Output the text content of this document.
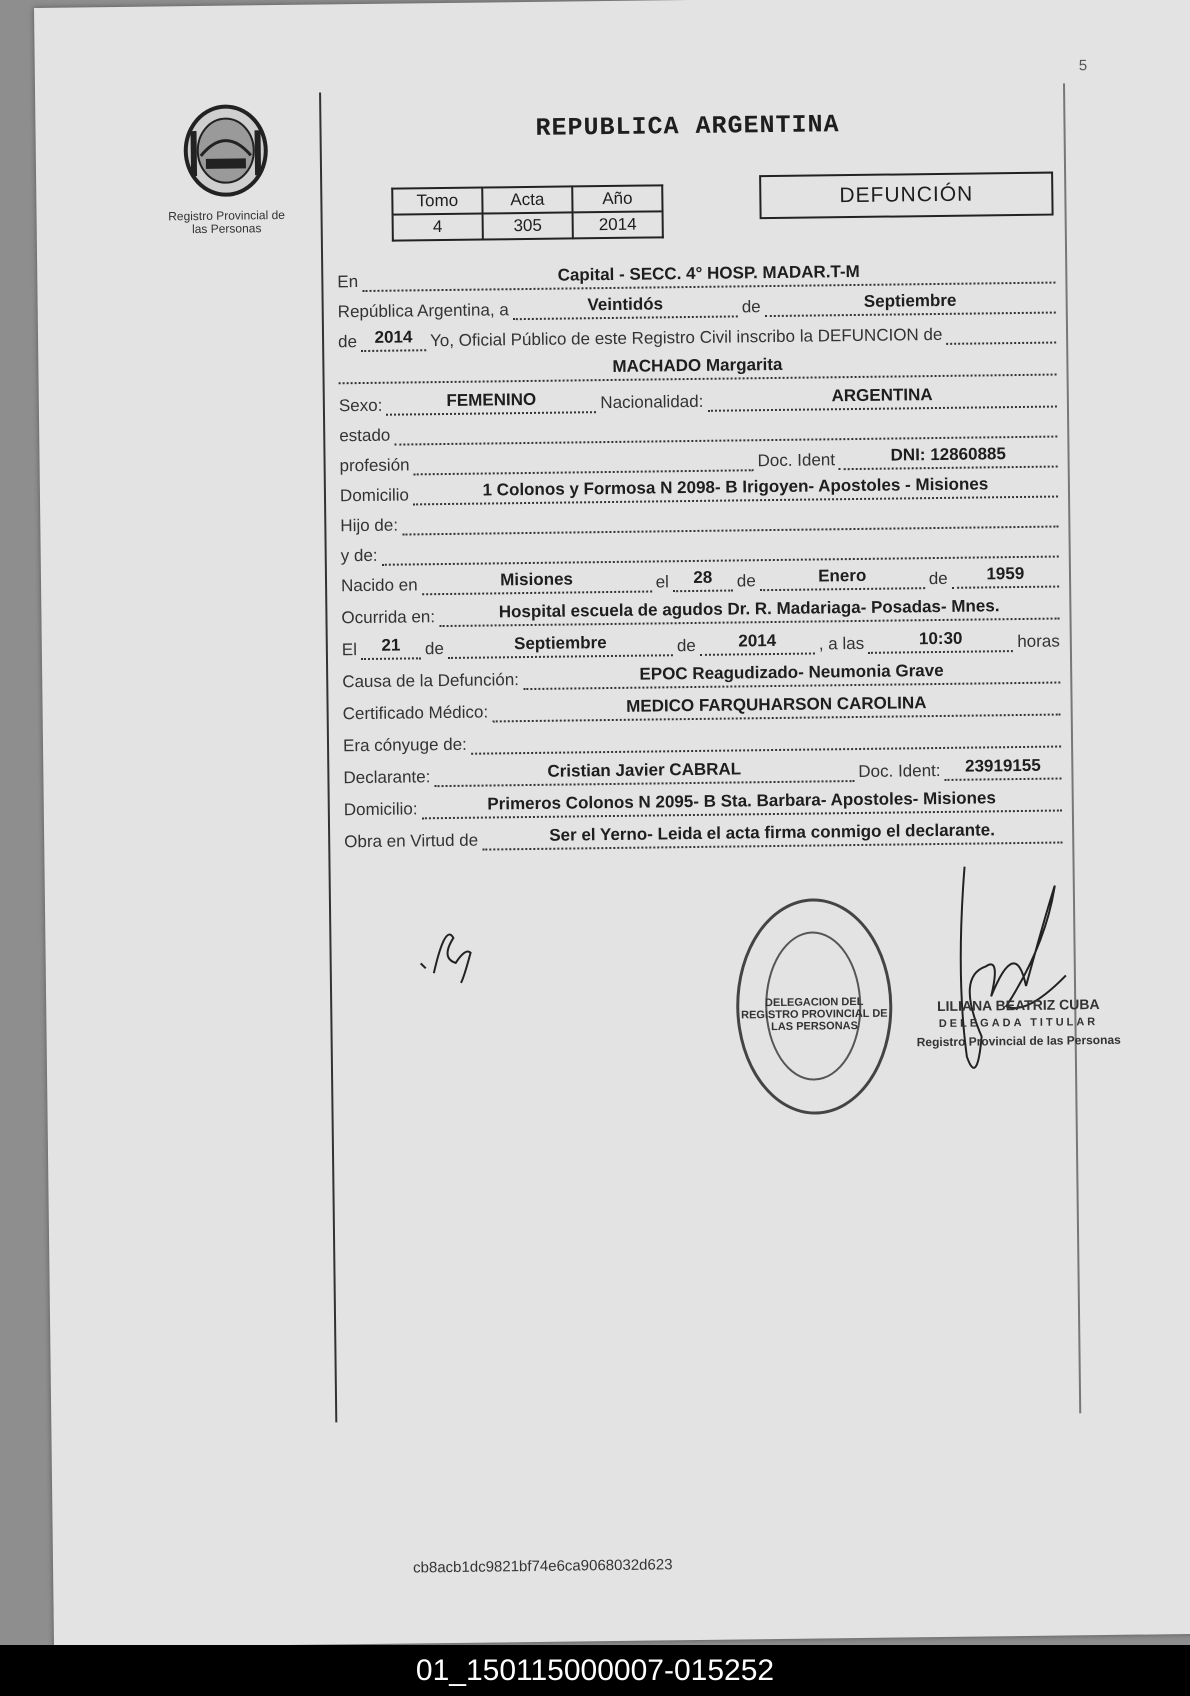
5
Registro Provincial de las Personas
REPUBLICA ARGENTINA
Tomo	Acta	Año
4	305	2014
DEFUNCIÓN
En	Capital - SECC. 4° HOSP. MADAR.T-M
República Argentina, a	Veintidós	de	Septiembre
de	2014	Yo, Oficial Público de este Registro Civil inscribo la DEFUNCION de
MACHADO Margarita
Sexo:	FEMENINO	Nacionalidad:	ARGENTINA
estado
profesión	Doc. Ident	DNI: 12860885
Domicilio	1 Colonos y Formosa N 2098- B Irigoyen- Apostoles - Misiones
Hijo de:
y de:
Nacido en	Misiones	el	28	de	Enero	de	1959
Ocurrida en:	Hospital escuela de agudos Dr. R. Madariaga- Posadas- Mnes.
El	21	de	Septiembre	de	2014	, a las	10:30	horas
Causa de la Defunción:	EPOC Reagudizado- Neumonia Grave
Certificado Médico:	MEDICO FARQUHARSON CAROLINA
Era cónyuge de:
Declarante:	Cristian Javier CABRAL	Doc. Ident:	23919155
Domicilio:	Primeros Colonos N 2095- B Sta. Barbara- Apostoles- Misiones
Obra en Virtud de	Ser el Yerno- Leida el acta firma conmigo el declarante.
DELEGACION DEL REGISTRO PROVINCIAL DE LAS PERSONAS
LILIANA BEATRIZ CUBA
DELEGADA TITULAR
Registro Provincial de las Personas
cb8acb1dc9821bf74e6ca9068032d623
01_150115000007-015252
